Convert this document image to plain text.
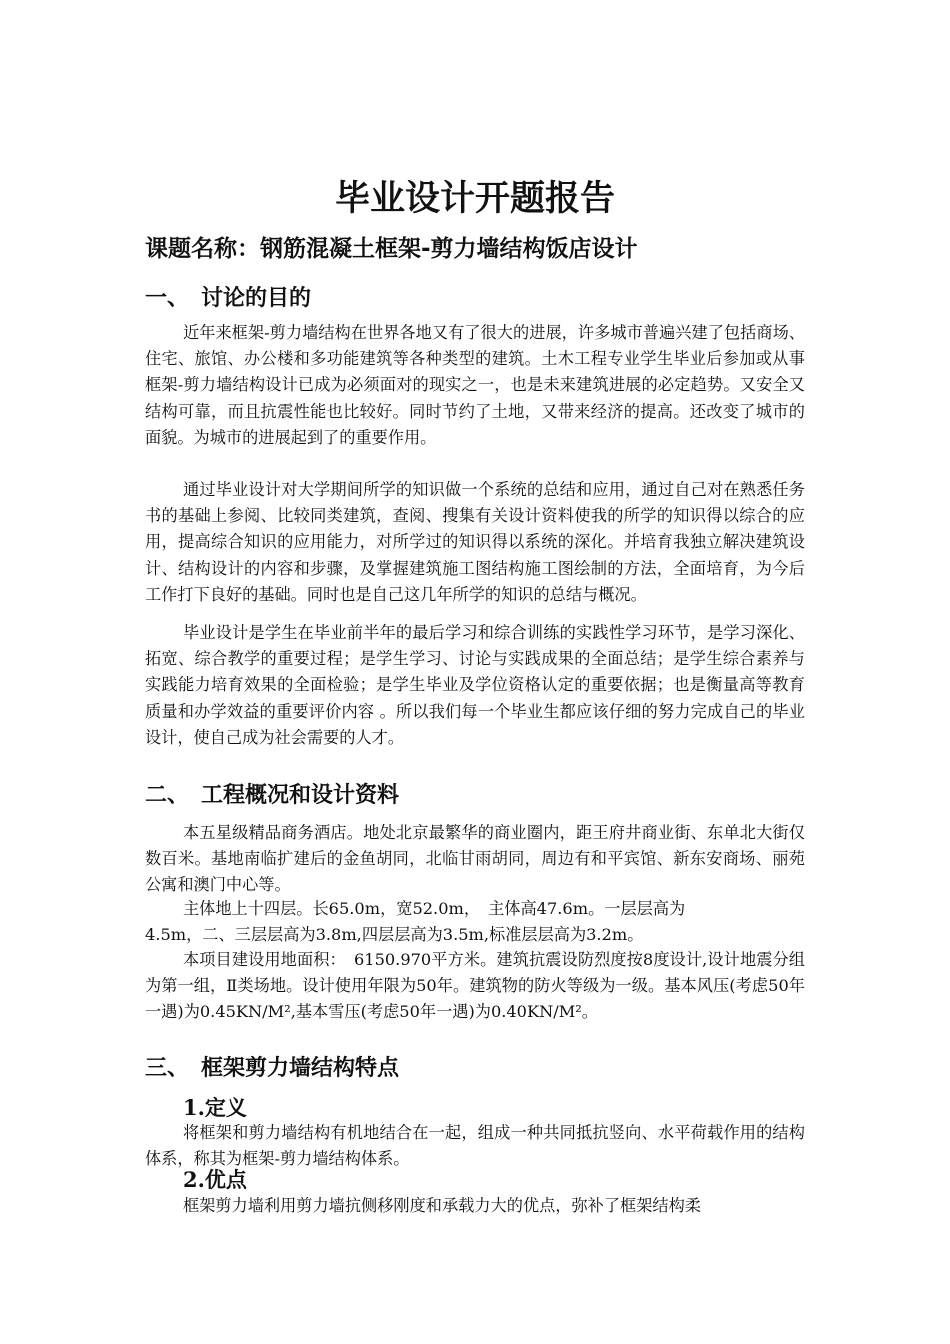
毕业设计开题报告
课题名称：钢筋混凝土框架-剪力墙结构饭店设计
一、 讨论的目的

近年来框架-剪力墙结构在世界各地又有了很大的进展，许多城市普遍兴建了包括商场、住宅、旅馆、办公楼和多功能建筑等各种类型的建筑。土木工程专业学生毕业后参加或从事框架-剪力墙结构设计已成为必须面对的现实之一，也是未来建筑进展的必定趋势。又安全又结构可靠，而且抗震性能也比较好。同时节约了土地，又带来经济的提高。还改变了城市的面貌。为城市的进展起到了的重要作用。

通过毕业设计对大学期间所学的知识做一个系统的总结和应用，通过自己对在熟悉任务书的基础上参阅、比较同类建筑，查阅、搜集有关设计资料使我的所学的知识得以综合的应用，提高综合知识的应用能力，对所学过的知识得以系统的深化。并培育我独立解决建筑设计、结构设计的内容和步骤，及掌握建筑施工图结构施工图绘制的方法，全面培育，为今后工作打下良好的基础。同时也是自己这几年所学的知识的总结与概况。

毕业设计是学生在毕业前半年的最后学习和综合训练的实践性学习环节，是学习深化、拓宽、综合教学的重要过程；是学生学习、讨论与实践成果的全面总结；是学生综合素养与实践能力培育效果的全面检验；是学生毕业及学位资格认定的重要依据；也是衡量高等教育质量和办学效益的重要评价内容 。所以我们每一个毕业生都应该仔细的努力完成自己的毕业设计，使自己成为社会需要的人才。

二、 工程概况和设计资料

本五星级精品商务酒店。地处北京最繁华的商业圈内，距王府井商业街、东单北大街仅数百米。基地南临扩建后的金鱼胡同，北临甘雨胡同，周边有和平宾馆、新东安商场、丽苑公寓和澳门中心等。

主体地上十四层。长65.0m，宽52.0m，　主体高47.6m。一层层高为

4.5m，二、三层层高为3.8m,四层层高为3.5m,标准层层高为3.2m。

本项目建设用地面积：　6150.970平方米。建筑抗震设防烈度按8度设计,设计地震分组为第一组，Ⅱ类场地。设计使用年限为50年。建筑物的防火等级为一级。基本风压(考虑50年一遇)为0.45KN/M²,基本雪压(考虑50年一遇)为0.40KN/M²。

三、 框架剪力墙结构特点
1.定义

将框架和剪力墙结构有机地结合在一起，组成一种共同抵抗竖向、水平荷载作用的结构体系，称其为框架-剪力墙结构体系。

2.优点

框架剪力墙利用剪力墙抗侧移刚度和承载力大的优点，弥补了框架结构柔
